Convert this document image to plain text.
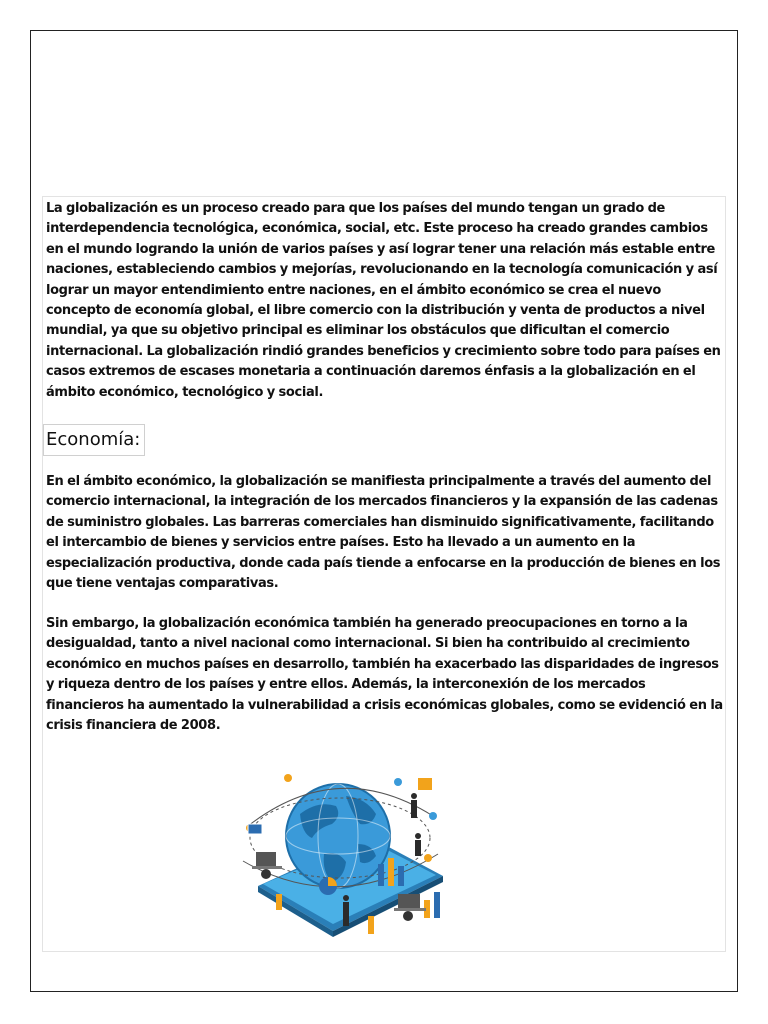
La globalización es un proceso creado para que los países del mundo tengan un grado de interdependencia tecnológica, económica, social, etc. Este proceso ha creado grandes cambios en el mundo logrando la unión de varios países y así lograr tener una relación más estable entre naciones, estableciendo cambios y mejorías, revolucionando en la tecnología comunicación y así lograr un mayor entendimiento entre naciones, en el ámbito económico se crea el nuevo concepto de economía global, el libre comercio con la distribución y venta de productos a nivel mundial, ya que su objetivo principal es eliminar los obstáculos que dificultan el comercio internacional. La globalización rindió grandes beneficios y crecimiento sobre todo para países en casos extremos de escases monetaria a continuación daremos énfasis a la globalización en el ámbito económico, tecnológico y social.

Economía:

En el ámbito económico, la globalización se manifiesta principalmente a través del aumento del comercio internacional, la integración de los mercados financieros y la expansión de las cadenas de suministro globales. Las barreras comerciales han disminuido significativamente, facilitando el intercambio de bienes y servicios entre países. Esto ha llevado a un aumento en la especialización productiva, donde cada país tiende a enfocarse en la producción de bienes en los que tiene ventajas comparativas.

Sin embargo, la globalización económica también ha generado preocupaciones en torno a la desigualdad, tanto a nivel nacional como internacional. Si bien ha contribuido al crecimiento económico en muchos países en desarrollo, también ha exacerbado las disparidades de ingresos y riqueza dentro de los países y entre ellos. Además, la interconexión de los mercados financieros ha aumentado la vulnerabilidad a crisis económicas globales, como se evidenció en la crisis financiera de 2008.
